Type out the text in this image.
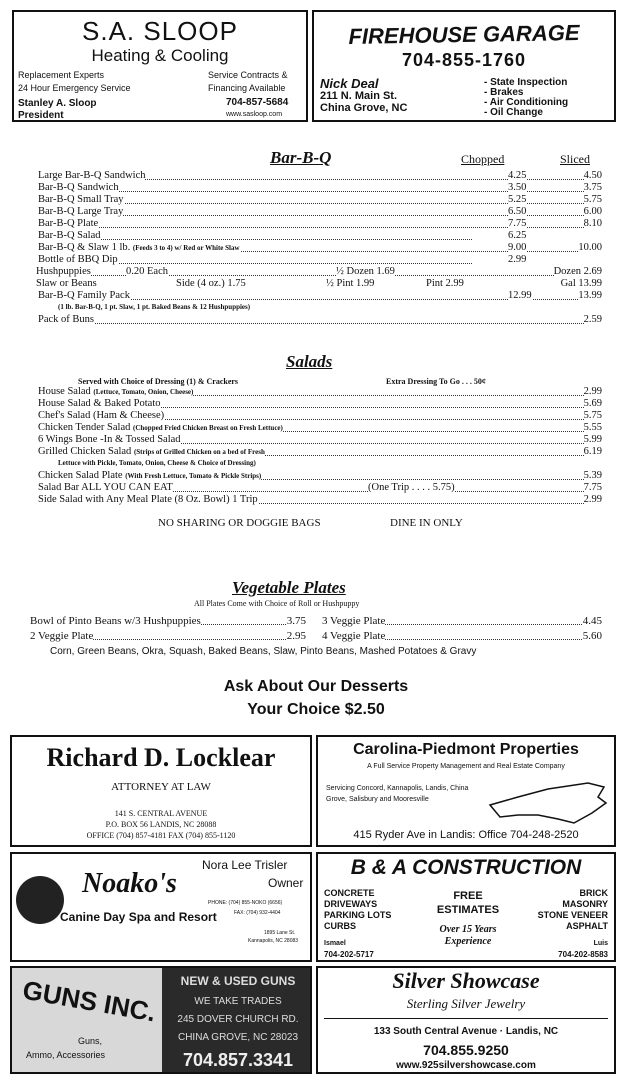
S.A. SLOOP
Heating & Cooling
Replacement Experts
24 Hour Emergency Service
Stanley A. Sloop
President
Service Contracts &
Financing Available
704-857-5684
www.sasloop.com
FIREHOUSE GARAGE
704-855-1760
Nick Deal
211 N. Main St.
China Grove, NC
- State Inspection
- Brakes
- Air Conditioning
- Oil Change
Bar-B-Q	Chopped	Sliced
Large Bar-B-Q Sandwich	4.25	4.50
Bar-B-Q Sandwich	3.50	3.75
Bar-B-Q Small Tray	5.25	5.75
Bar-B-Q Large Tray	6.50	6.00
Bar-B-Q Plate	7.75	8.10
Bar-B-Q Salad	6.25
Bar-B-Q & Slaw 1 lb. (Feeds 3 to 4) w/ Red or White Slaw	9.00	10.00
Bottle of BBQ Dip	2.99
Hushpuppies	0.20 Each	½ Dozen 1.69	Dozen 2.69
Slaw or Beans	Side (4 oz.) 1.75	½ Pint 1.99	Pint 2.99	Gal 13.99
Bar-B-Q Family Pack	12.99	13.99
(1 lb. Bar-B-Q, 1 pt. Slaw, 1 pt. Baked Beans & 12 Hushpuppies)
Pack of Buns	2.59
Salads
Served with Choice of Dressing (1) & Crackers	Extra Dressing To Go . . . 50¢
House Salad (Lettuce, Tomato, Onion, Cheese)	2.99
House Salad & Baked Potato	5.69
Chef's Salad (Ham & Cheese)	5.75
Chicken Tender Salad (Chopped Fried Chicken Breast on Fresh Lettuce)	5.55
6 Wings Bone -In & Tossed Salad	5.99
Grilled Chicken Salad (Strips of Grilled Chicken on a bed of Fresh	6.19
Lettuce with Pickle, Tomato, Onion, Cheese & Choice of Dressing)
Chicken Salad Plate (With Fresh Lettuce, Tomato & Pickle Strips)	5.39
Salad Bar ALL YOU CAN EAT	(One Trip . . . . 5.75)	7.75
Side Salad with Any Meal Plate (8 Oz. Bowl) 1 Trip	2.99
NO SHARING OR DOGGIE BAGS	DINE IN ONLY
Vegetable Plates
All Plates Come with Choice of Roll or Hushpuppy
Bowl of Pinto Beans w/3 Hushpuppies	3.75 3 Veggie Plate	4.45
2 Veggie Plate	2.95 4 Veggie Plate	5.60
Corn, Green Beans, Okra, Squash, Baked Beans, Slaw, Pinto Beans, Mashed Potatoes & Gravy
Ask About Our Desserts
Your Choice $2.50
Richard D. Locklear
ATTORNEY AT LAW
141 S. CENTRAL AVENUE
P.O. BOX 56 LANDIS, NC 28088
OFFICE (704) 857-4181 FAX (704) 855-1120
Carolina-Piedmont Properties
A Full Service Property Management and Real Estate Company
Servicing Concord, Kannapolis, Landis, China Grove, Salisbury and Mooresville
415 Ryder Ave in Landis: Office 704-248-2520
Nora Lee Trisler
Owner
Noako's
Canine Day Spa and Resort
PHONE: (704) 855-NOKO (6656)
FAX: (704) 932-4404
1895 Lane St.
Kannapolis, NC 28083
B & A CONSTRUCTION
CONCRETE
DRIVEWAYS
PARKING LOTS
CURBS
FREE
ESTIMATES
Over 15 Years
Experience
BRICK
MASONRY
STONE VENEER
ASPHALT
Ismael
704-202-5717
Luis
704-202-8583
GUNS INC.
Guns,
Ammo, Accessories
NEW & USED GUNS
WE TAKE TRADES
245 DOVER CHURCH RD.
CHINA GROVE, NC 28023
704.857.3341
Silver Showcase
Sterling Silver Jewelry
133 South Central Avenue · Landis, NC
704.855.9250
www.925silvershowcase.com
